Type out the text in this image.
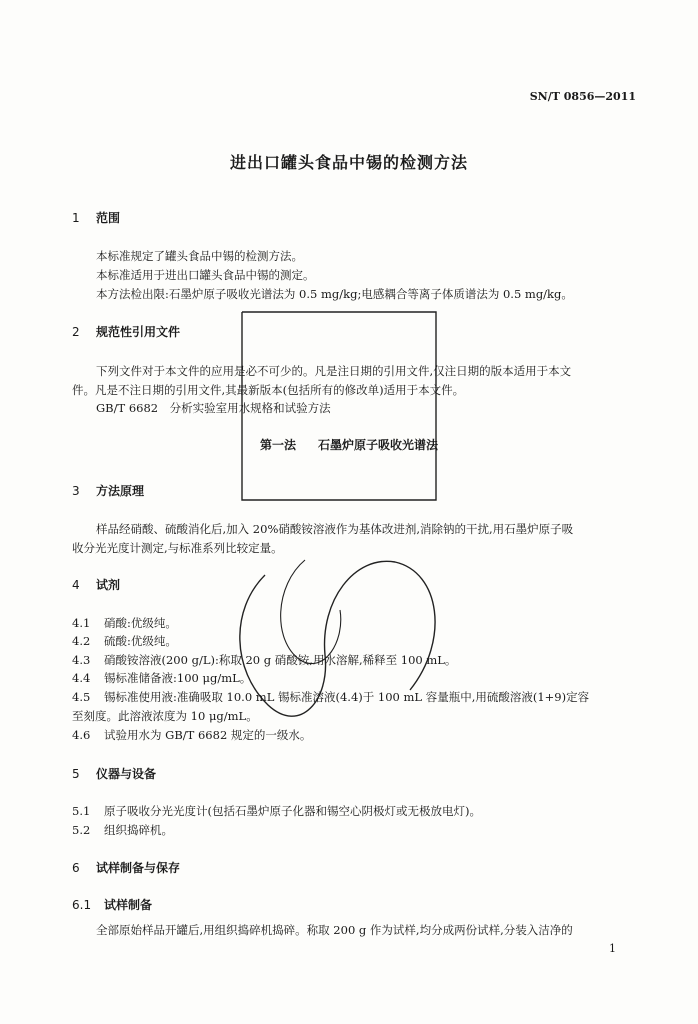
SN/T 0856—2011
进出口罐头食品中锡的检测方法
1 范围
本标准规定了罐头食品中锡的检测方法。
本标准适用于进出口罐头食品中锡的测定。
本方法检出限:石墨炉原子吸收光谱法为 0.5 mg/kg;电感耦合等离子体质谱法为 0.5 mg/kg。
2 规范性引用文件
下列文件对于本文件的应用是必不可少的。凡是注日期的引用文件,仅注日期的版本适用于本文
件。凡是不注日期的引用文件,其最新版本(包括所有的修改单)适用于本文件。
GB/T 6682　分析实验室用水规格和试验方法
第一法 石墨炉原子吸收光谱法
3 方法原理
样品经硝酸、硫酸消化后,加入 20%硝酸铵溶液作为基体改进剂,消除钠的干扰,用石墨炉原子吸
收分光光度计测定,与标准系列比较定量。
4 试剂
4.1 硝酸:优级纯。
4.2 硫酸:优级纯。
4.3 硝酸铵溶液(200 g/L):称取 20 g 硝酸铵,用水溶解,稀释至 100 mL。
4.4 锡标准储备液:100 μg/mL。
4.5 锡标准使用液:准确吸取 10.0 mL 锡标准溶液(4.4)于 100 mL 容量瓶中,用硫酸溶液(1+9)定容
至刻度。此溶液浓度为 10 μg/mL。
4.6 试验用水为 GB/T 6682 规定的一级水。
5 仪器与设备
5.1 原子吸收分光光度计(包括石墨炉原子化器和锡空心阴极灯或无极放电灯)。
5.2 组织捣碎机。
6 试样制备与保存
6.1 试样制备
全部原始样品开罐后,用组织捣碎机捣碎。称取 200 g 作为试样,均分成两份试样,分装入洁净的
1
